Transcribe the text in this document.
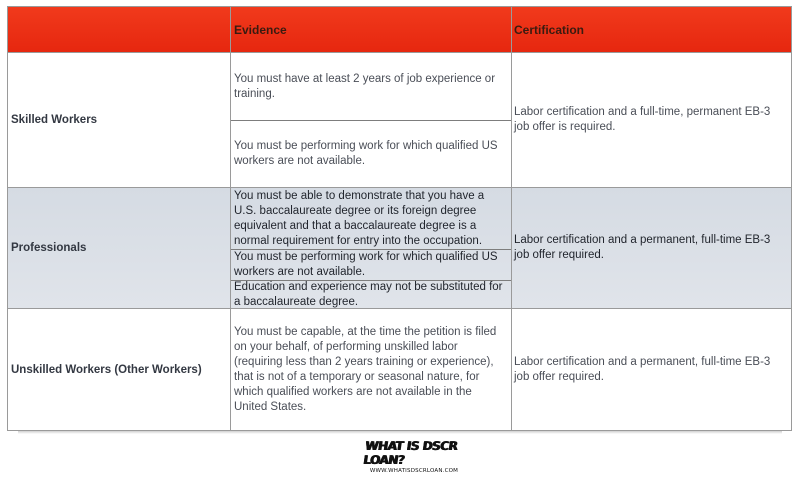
Evidence	Certification
Skilled Workers
You must have at least 2 years of job experience or training.
You must be performing work for which qualified US workers are not available.
Labor certification and a full-time, permanent EB-3 job offer is required.
Professionals
You must be able to demonstrate that you have a U.S. baccalaureate degree or its foreign degree equivalent and that a baccalaureate degree is a normal requirement for entry into the occupation.
You must be performing work for which qualified US workers are not available.
Education and experience may not be substituted for a baccalaureate degree.
Labor certification and a permanent, full-time EB-3 job offer required.
Unskilled Workers (Other Workers)
You must be capable, at the time the petition is filed on your behalf, of performing unskilled labor (requiring less than 2 years training or experience), that is not of a temporary or seasonal nature, for which qualified workers are not available in the United States.
Labor certification and a permanent, full-time EB-3 job offer required.
WHAT IS DSCR LOAN?
WWW.WHATISDSCRLOAN.COM
